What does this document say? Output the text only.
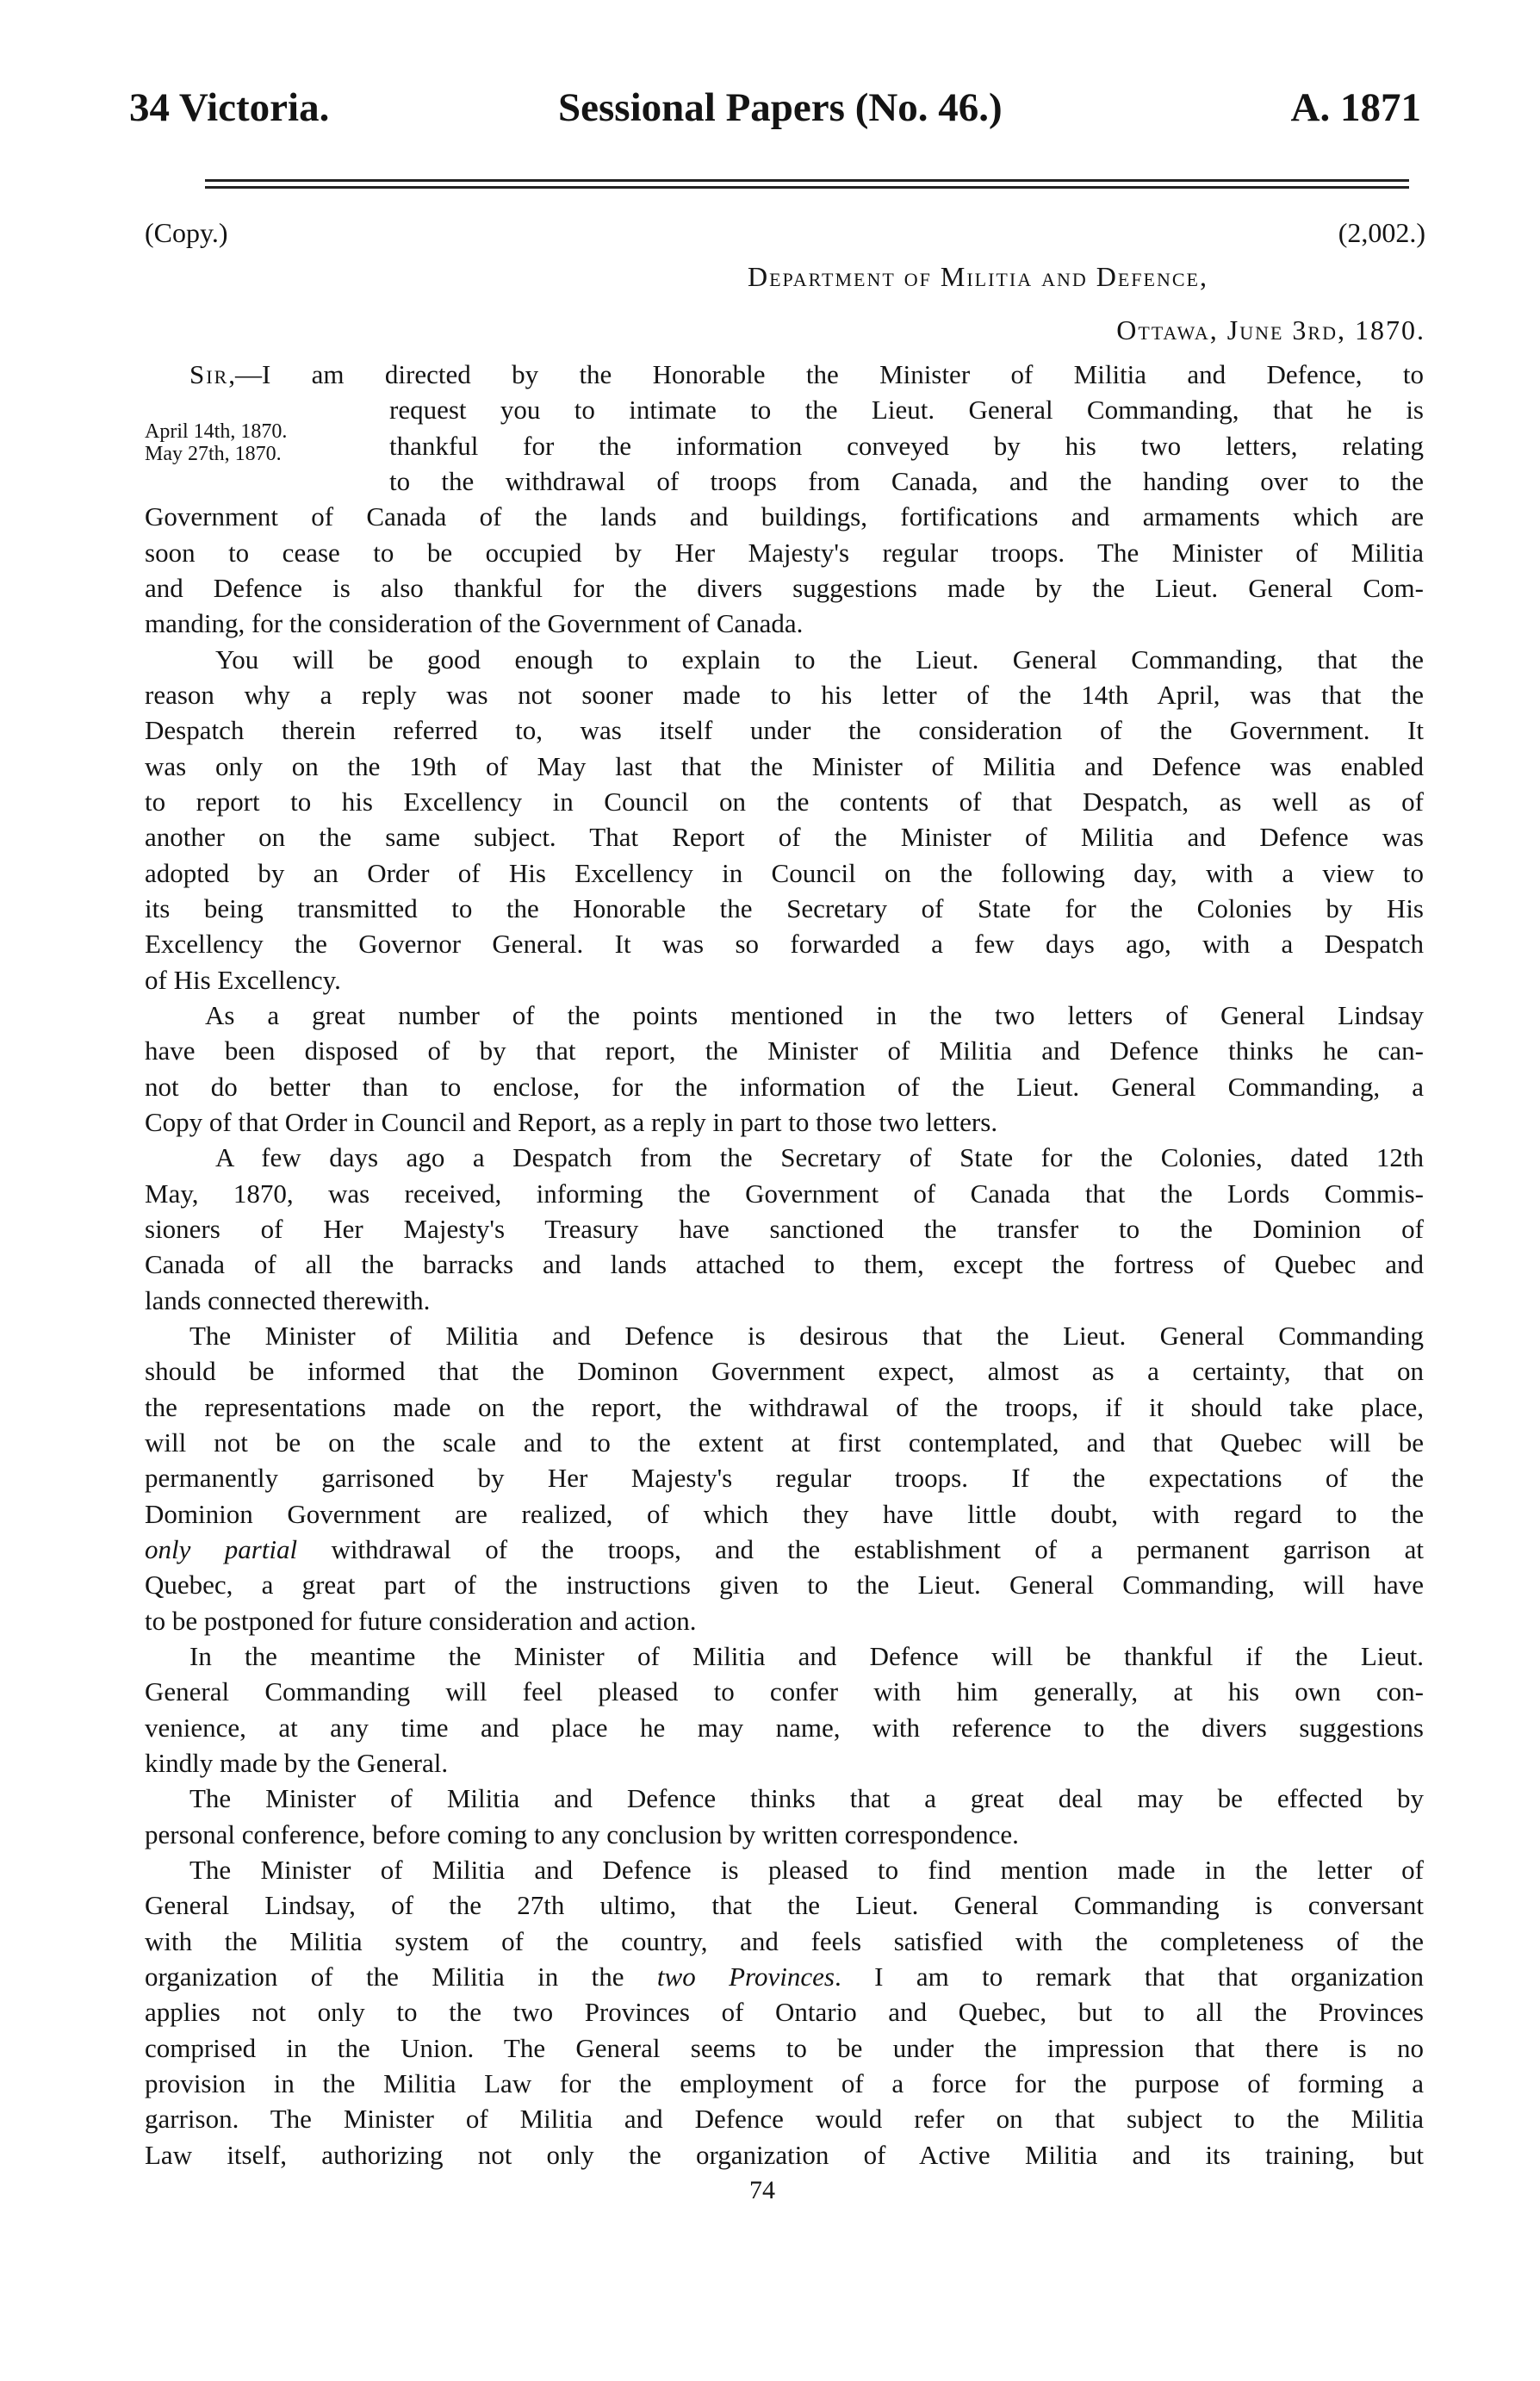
34 Victoria.	Sessional Papers (No. 46.)	A. 1871
(Copy.)	(2,002.)
Department of Militia and Defence,
Ottawa, June 3rd, 1870.
April 14th, 1870.
May 27th, 1870.
Sir,—I am directed by the Honorable the Minister of Militia and Defence, to
request you to intimate to the Lieut. General Commanding, that he is
thankful for the information conveyed by his two letters, relating
to the withdrawal of troops from Canada, and the handing over to the
Government of Canada of the lands and buildings, fortifications and armaments which are
soon to cease to be occupied by Her Majesty's regular troops. The Minister of Militia
and Defence is also thankful for the divers suggestions made by the Lieut. General Com-
manding, for the consideration of the Government of Canada.
You will be good enough to explain to the Lieut. General Commanding, that the
reason why a reply was not sooner made to his letter of the 14th April, was that the
Despatch therein referred to, was itself under the consideration of the Government. It
was only on the 19th of May last that the Minister of Militia and Defence was enabled
to report to his Excellency in Council on the contents of that Despatch, as well as of
another on the same subject. That Report of the Minister of Militia and Defence was
adopted by an Order of His Excellency in Council on the following day, with a view to
its being transmitted to the Honorable the Secretary of State for the Colonies by His
Excellency the Governor General. It was so forwarded a few days ago, with a Despatch
of His Excellency.
As a great number of the points mentioned in the two letters of General Lindsay
have been disposed of by that report, the Minister of Militia and Defence thinks he can-
not do better than to enclose, for the information of the Lieut. General Commanding, a
Copy of that Order in Council and Report, as a reply in part to those two letters.
A few days ago a Despatch from the Secretary of State for the Colonies, dated 12th
May, 1870, was received, informing the Government of Canada that the Lords Commis-
sioners of Her Majesty's Treasury have sanctioned the transfer to the Dominion of
Canada of all the barracks and lands attached to them, except the fortress of Quebec and
lands connected therewith.
The Minister of Militia and Defence is desirous that the Lieut. General Commanding
should be informed that the Dominon Government expect, almost as a certainty, that on
the representations made on the report, the withdrawal of the troops, if it should take place,
will not be on the scale and to the extent at first contemplated, and that Quebec will be
permanently garrisoned by Her Majesty's regular troops. If the expectations of the
Dominion Government are realized, of which they have little doubt, with regard to the
only partial withdrawal of the troops, and the establishment of a permanent garrison at
Quebec, a great part of the instructions given to the Lieut. General Commanding, will have
to be postponed for future consideration and action.
In the meantime the Minister of Militia and Defence will be thankful if the Lieut.
General Commanding will feel pleased to confer with him generally, at his own con-
venience, at any time and place he may name, with reference to the divers suggestions
kindly made by the General.
The Minister of Militia and Defence thinks that a great deal may be effected by
personal conference, before coming to any conclusion by written correspondence.
The Minister of Militia and Defence is pleased to find mention made in the letter of
General Lindsay, of the 27th ultimo, that the Lieut. General Commanding is conversant
with the Militia system of the country, and feels satisfied with the completeness of the
organization of the Militia in the two Provinces. I am to remark that that organization
applies not only to the two Provinces of Ontario and Quebec, but to all the Provinces
comprised in the Union. The General seems to be under the impression that there is no
provision in the Militia Law for the employment of a force for the purpose of forming a
garrison. The Minister of Militia and Defence would refer on that subject to the Militia
Law itself, authorizing not only the organization of Active Militia and its training, but
74
